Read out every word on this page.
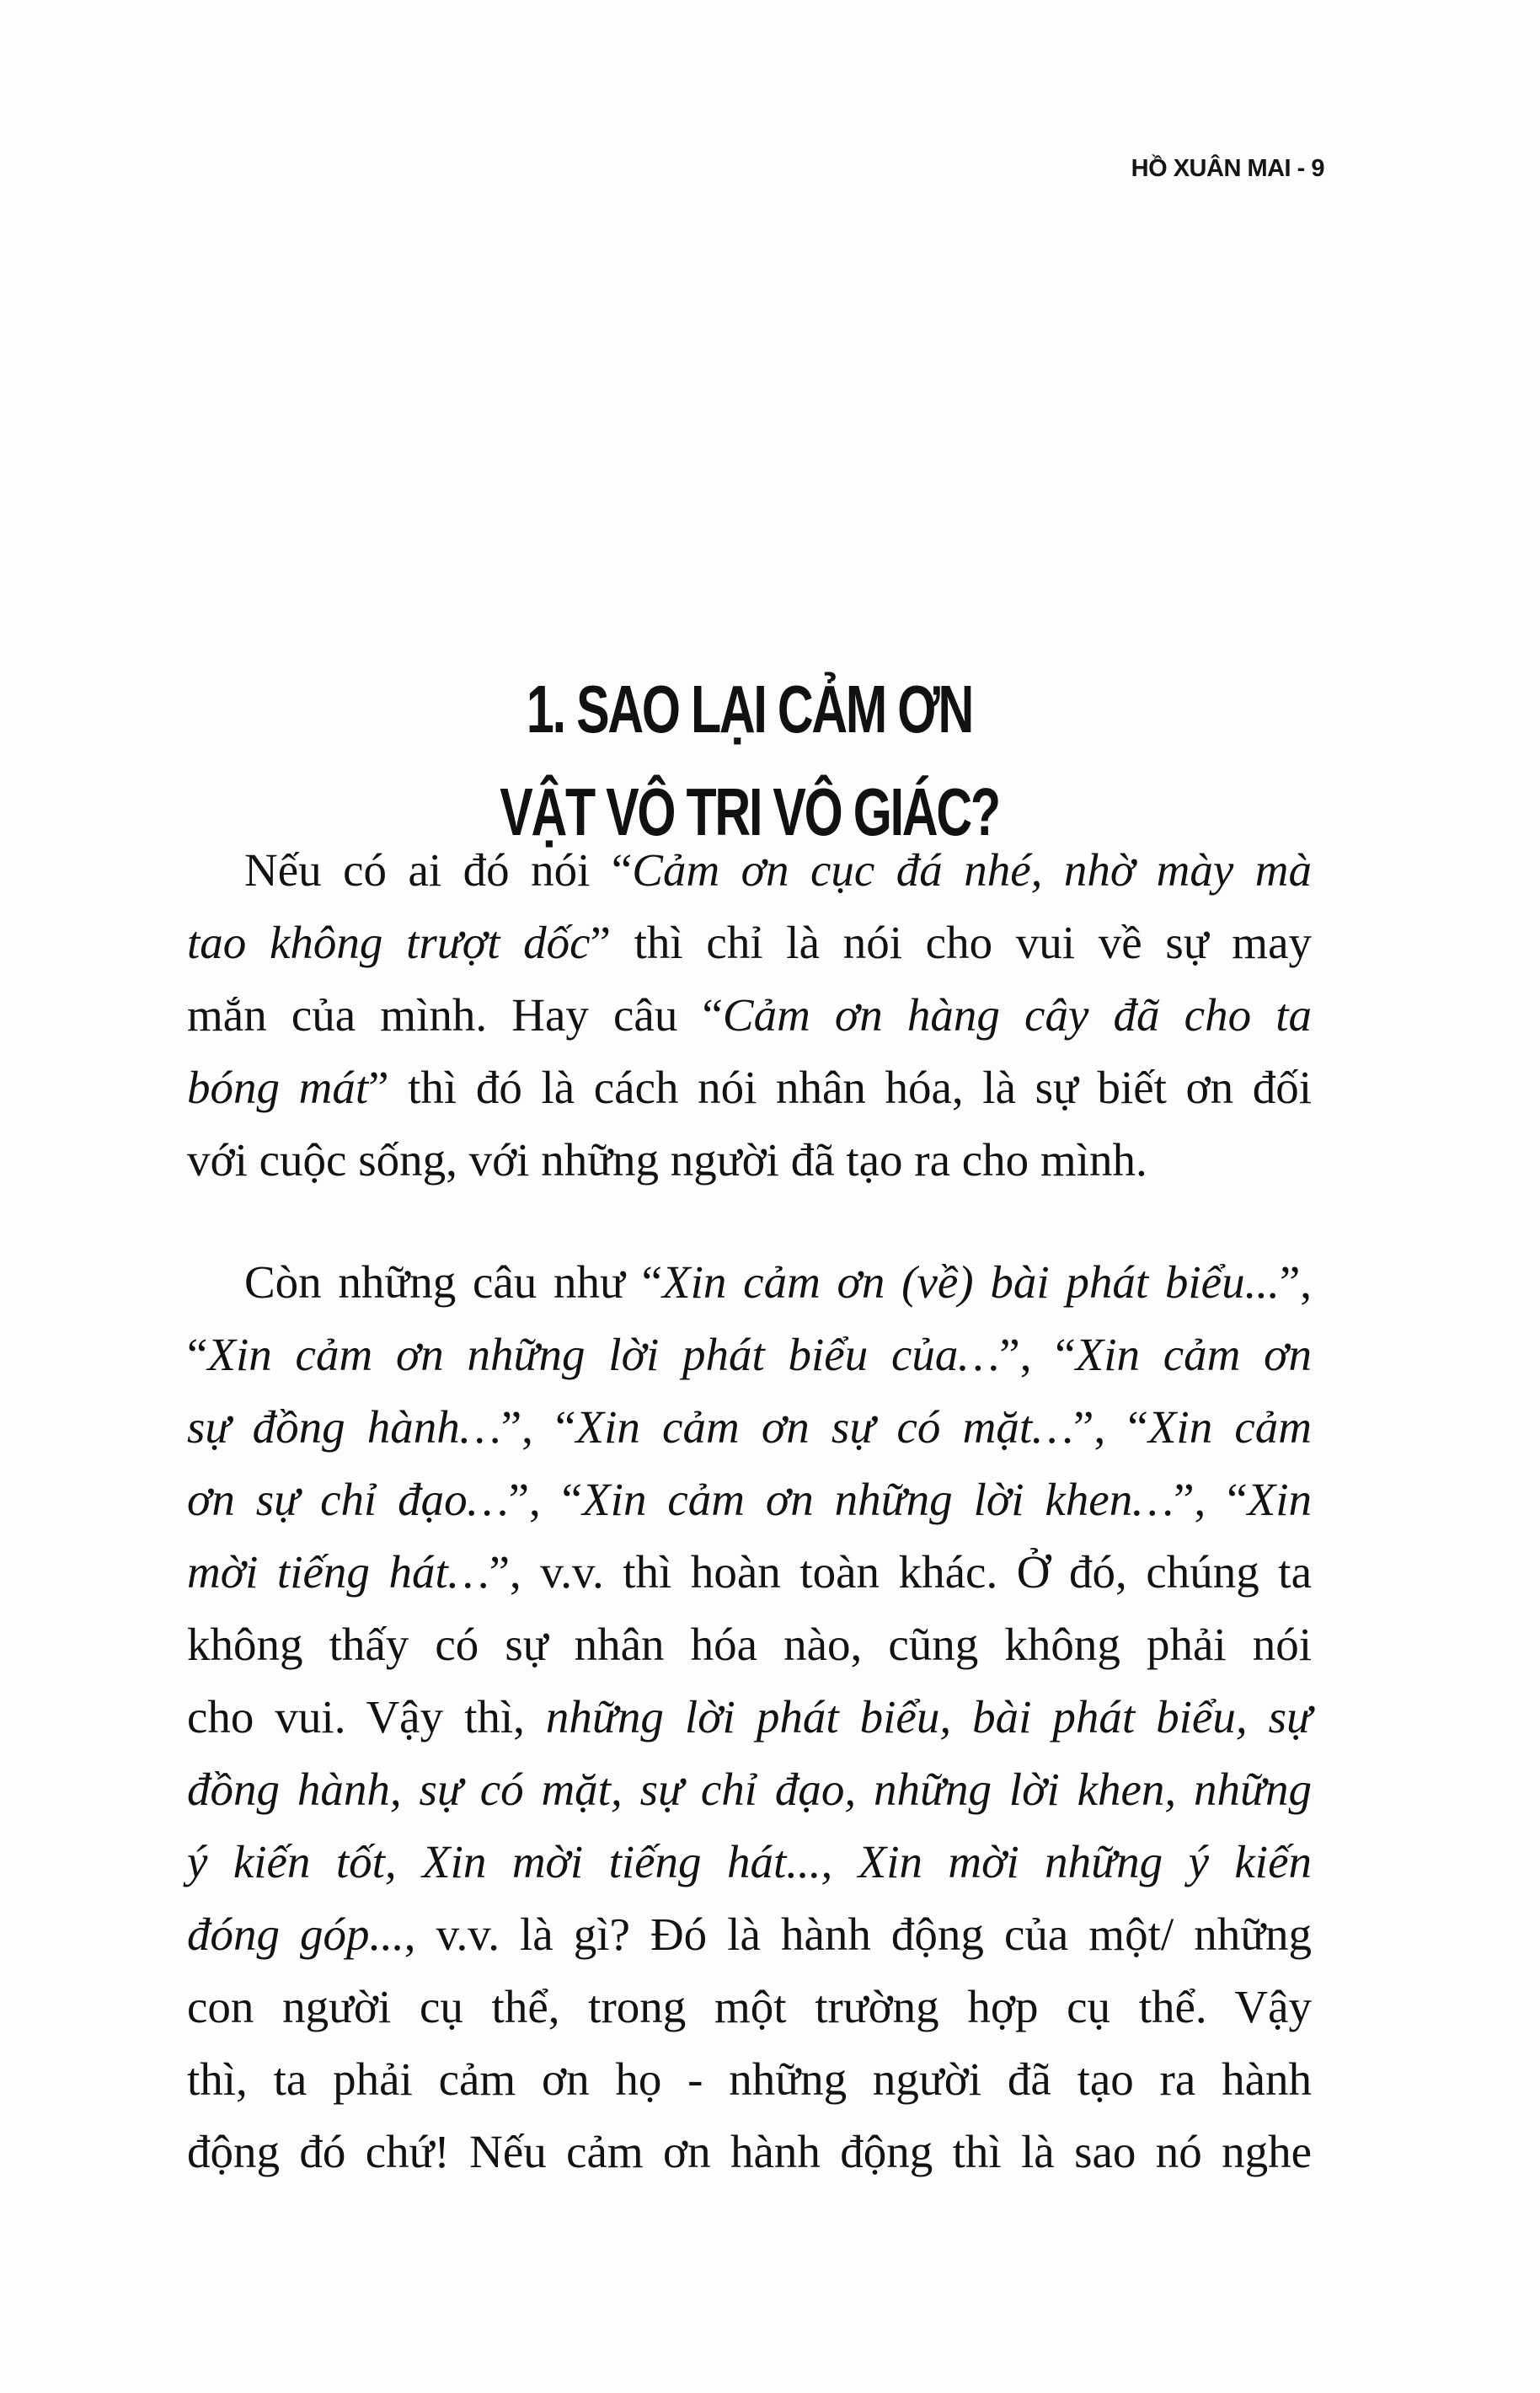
HỒ XUÂN MAI - 9
1. SAO LẠI CẢM ƠN
VẬT VÔ TRI VÔ GIÁC?

Nếu có ai đó nói “Cảm ơn cục đá nhé, nhờ mày mà
tao không trượt dốc” thì chỉ là nói cho vui về sự may
mắn của mình. Hay câu “Cảm ơn hàng cây đã cho ta
bóng mát” thì đó là cách nói nhân hóa, là sự biết ơn đối
với cuộc sống, với những người đã tạo ra cho mình.

Còn những câu như “Xin cảm ơn (về) bài phát biểu...”,
“Xin cảm ơn những lời phát biểu của…”, “Xin cảm ơn
sự đồng hành…”, “Xin cảm ơn sự có mặt…”, “Xin cảm
ơn sự chỉ đạo…”, “Xin cảm ơn những lời khen…”, “Xin
mời tiếng hát…”, v.v. thì hoàn toàn khác. Ở đó, chúng ta
không thấy có sự nhân hóa nào, cũng không phải nói
cho vui. Vậy thì, những lời phát biểu, bài phát biểu, sự
đồng hành, sự có mặt, sự chỉ đạo, những lời khen, những
ý kiến tốt, Xin mời tiếng hát..., Xin mời những ý kiến
đóng góp..., v.v. là gì? Đó là hành động của một/ những
con người cụ thể, trong một trường hợp cụ thể. Vậy
thì, ta phải cảm ơn họ - những người đã tạo ra hành
động đó chứ! Nếu cảm ơn hành động thì là sao nó nghe
